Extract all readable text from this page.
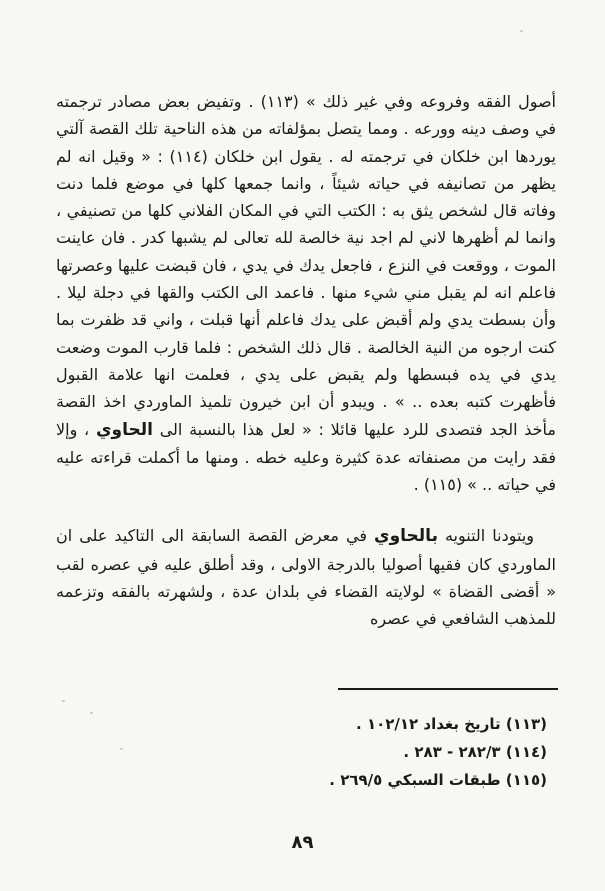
أصول الفقه وفروعه وفي غير ذلك » (١١٣) . وتفيض بعض مصادر ترجمته في وصف دينه وورعه . ومما يتصل بمؤلفاته من هذه الناحية تلك القصة آلتي يوردها ابن خلكان في ترجمته له . يقول ابن خلكان (١١٤) : « وقيل انه لم يظهر من تصانيفه في حياته شيئاً ، وانما جمعها كلها في موضع فلما دنت وفاته قال لشخص يثق به : الكتب التي في المكان الفلاني كلها من تصنيفي ، وانما لم أظهرها لاني لم اجد نية خالصة لله تعالى لم يشبها كدر . فان عاينت الموت ، ووقعت في النزع ، فاجعل يدك في يدي ، فان قبضت عليها وعصرتها فاعلم انه لم يقبل مني شيء منها . فاعمد الى الكتب والقها في دجلة ليلا . وأن بسطت يدي ولم أقبض على يدك فاعلم أنها قبلت ، واني قد ظفرت بما كنت ارجوه من النية الخالصة . قال ذلك الشخص : فلما قارب الموت وضعت يدي في يده فبسطها ولم يقبض على يدي ، فعلمت انها علامة القبول فأظهرت كتبه بعده .. » . ويبدو أن ابن خيرون تلميذ الماوردي اخذ القصة مأخذ الجد فتصدى للرد عليها قائلا : « لعل هذا بالنسبة الى الحاوي ، وإلا فقد رايت من مصنفاته عدة كثيرة وعليه خطه . ومنها ما أكملت قراءته عليه في حياته .. » (١١٥) .

ويتودنا التنويه بالحاوي في معرض القصة السابقة الى التاكيد على ان الماوردي كان فقيها أصوليا بالدرجة الاولى ، وقد أطلق عليه في عصره لقب « أقضى القضاة » لولايته القضاء في بلدان عدة ، ولشهرته بالفقه وتزعمه للمذهب الشافعي في عصره

(١١٣) تاريخ بغداد ١٠٢/١٢ .
(١١٤) ٢٨٢/٣ - ٢٨٣ .
(١١٥) طبقات السبكي ٢٦٩/٥ .
٨٩
